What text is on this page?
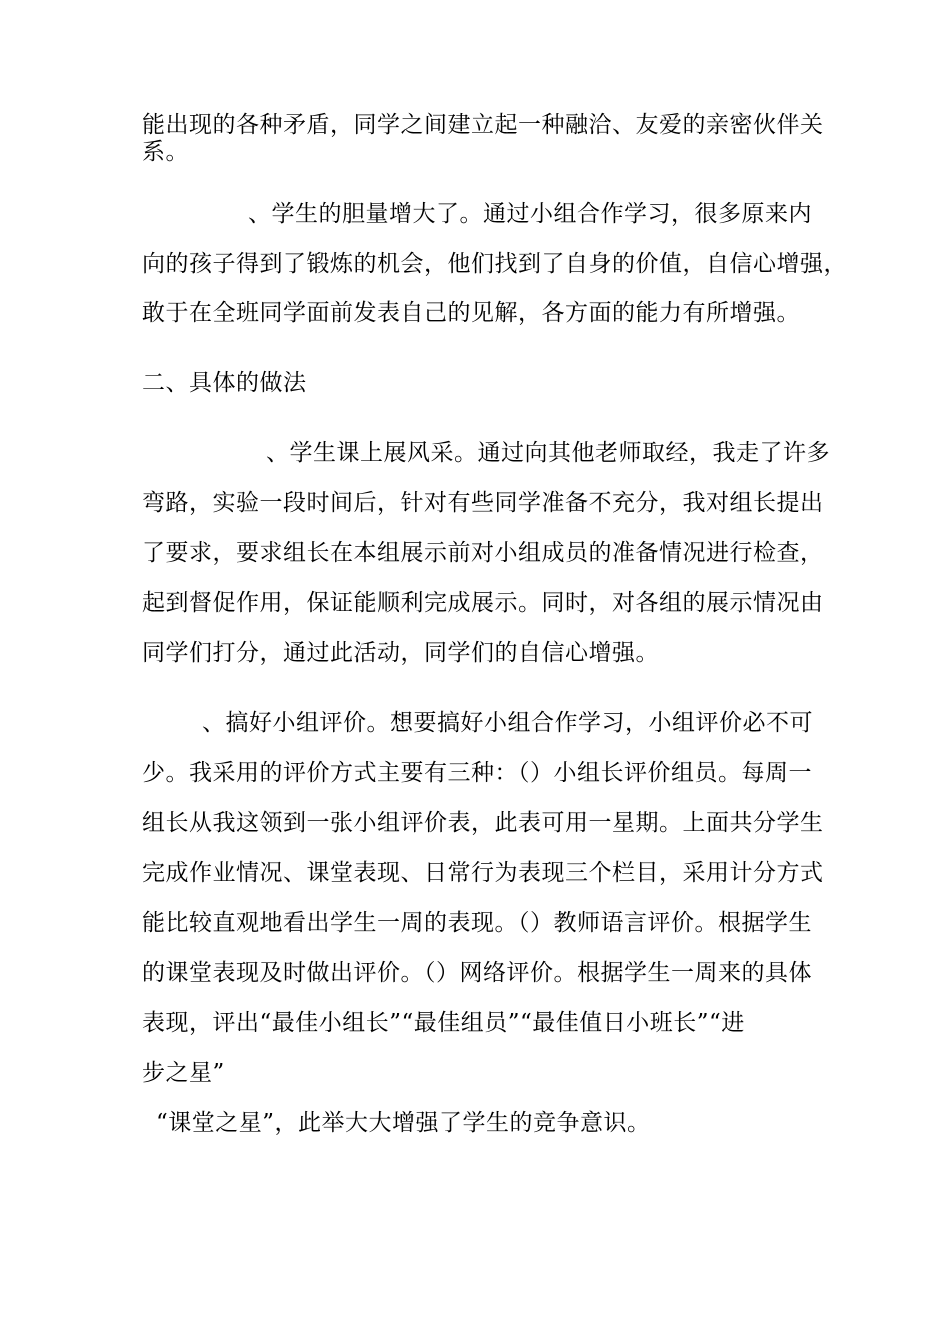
能出现的各种矛盾，同学之间建立起一种融洽、友爱的亲密伙伴关
系。
、学生的胆量增大了。通过小组合作学习，很多原来内
向的孩子得到了锻炼的机会，他们找到了自身的价值，自信心增强，
敢于在全班同学面前发表自己的见解，各方面的能力有所增强。
二、具体的做法
、学生课上展风采。通过向其他老师取经，我走了许多
弯路，实验一段时间后，针对有些同学准备不充分，我对组长提出
了要求，要求组长在本组展示前对小组成员的准备情况进行检查，
起到督促作用，保证能顺利完成展示。同时，对各组的展示情况由
同学们打分，通过此活动，同学们的自信心增强。
、搞好小组评价。想要搞好小组合作学习，小组评价必不可
少。我采用的评价方式主要有三种：（）小组长评价组员。每周一
组长从我这领到一张小组评价表，此表可用一星期。上面共分学生
完成作业情况、课堂表现、日常行为表现三个栏目，采用计分方式
能比较直观地看出学生一周的表现。（）教师语言评价。根据学生
的课堂表现及时做出评价。（）网络评价。根据学生一周来的具体
表现，评出“最佳小组长”“最佳组员”“最佳值日小班长”“进
步之星”
“课堂之星”，此举大大增强了学生的竞争意识。
